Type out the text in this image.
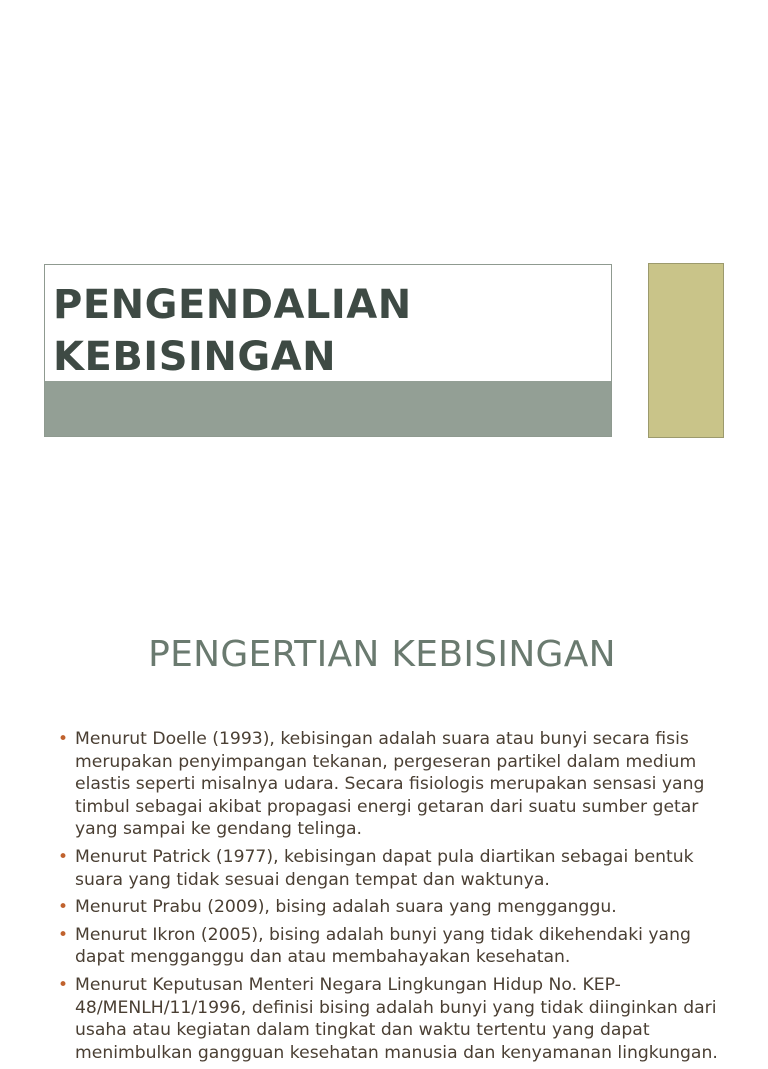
PENGENDALIAN
KEBISINGAN
PENGERTIAN KEBISINGAN
• Menurut Doelle (1993), kebisingan adalah suara atau bunyi secara fisis merupakan penyimpangan tekanan, pergeseran partikel dalam medium elastis seperti misalnya udara. Secara fisiologis merupakan sensasi yang timbul sebagai akibat propagasi energi getaran dari suatu sumber getar yang sampai ke gendang telinga.
• Menurut Patrick (1977), kebisingan dapat pula diartikan sebagai bentuk suara yang tidak sesuai dengan tempat dan waktunya.
• Menurut Prabu (2009), bising adalah suara yang mengganggu.
• Menurut Ikron (2005), bising adalah bunyi yang tidak dikehendaki yang dapat mengganggu dan atau membahayakan kesehatan.
• Menurut Keputusan Menteri Negara Lingkungan Hidup No. KEP-48/MENLH/11/1996, definisi bising adalah bunyi yang tidak diinginkan dari usaha atau kegiatan dalam tingkat dan waktu tertentu yang dapat menimbulkan gangguan kesehatan manusia dan kenyamanan lingkungan.
